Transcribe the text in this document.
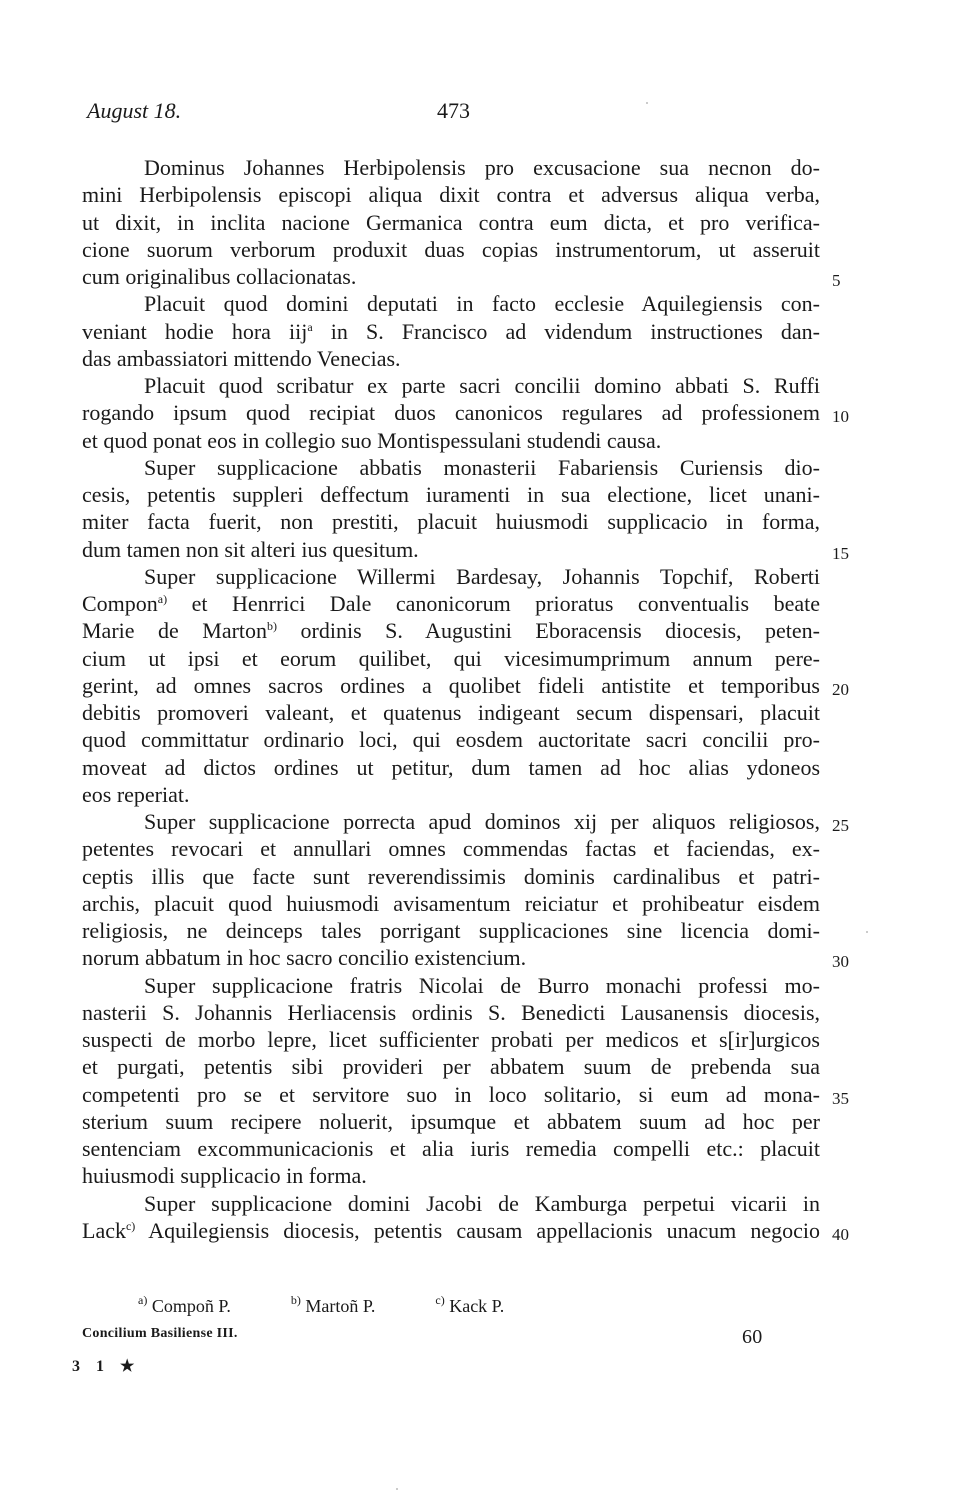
August 18.	473
Dominus Johannes Herbipolensis pro excusacione sua necnon do-
mini Herbipolensis episcopi aliqua dixit contra et adversus aliqua verba,
ut dixit, in inclita nacione Germanica contra eum dicta, et pro verifica-
cione suorum verborum produxit duas copias instrumentorum, ut asseruit
cum originalibus collacionatas.
Placuit quod domini deputati in facto ecclesie Aquilegiensis con-
veniant hodie hora iij$^a$ in S. Francisco ad videndum instructiones dan-
das ambassiatori mittendo Venecias.
Placuit quod scribatur ex parte sacri concilii domino abbati S. Ruffi
rogando ipsum quod recipiat duos canonicos regulares ad professionem
et quod ponat eos in collegio suo Montispessulani studendi causa.
Super supplicacione abbatis monasterii Fabariensis Curiensis dio-
cesis, petentis suppleri deffectum iuramenti in sua electione, licet unani-
miter facta fuerit, non prestiti, placuit huiusmodi supplicacio in forma,
dum tamen non sit alteri ius quesitum.
Super supplicacione Willermi Bardesay, Johannis Topchif, Roberti
Compon$^{a)}$ et Henrrici Dale canonicorum prioratus conventualis beate
Marie de Marton$^{b)}$ ordinis S. Augustini Eboracensis diocesis, peten-
cium ut ipsi et eorum quilibet, qui vicesimumprimum annum pere-
gerint, ad omnes sacros ordines a quolibet fideli antistite et temporibus
debitis promoveri valeant, et quatenus indigeant secum dispensari, placuit
quod committatur ordinario loci, qui eosdem auctoritate sacri concilii pro-
moveat ad dictos ordines ut petitur, dum tamen ad hoc alias ydoneos
eos reperiat.
Super supplicacione porrecta apud dominos xij per aliquos religiosos,
petentes revocari et annullari omnes commendas factas et faciendas, ex-
ceptis illis que facte sunt reverendissimis dominis cardinalibus et patri-
archis, placuit quod huiusmodi avisamentum reiciatur et prohibeatur eisdem
religiosis, ne deinceps tales porrigant supplicaciones sine licencia domi-
norum abbatum in hoc sacro concilio existencium.
Super supplicacione fratris Nicolai de Burro monachi professi mo-
nasterii S. Johannis Herliacensis ordinis S. Benedicti Lausanensis diocesis,
suspecti de morbo lepre, licet sufficienter probati per medicos et s[ir]urgicos
et purgati, petentis sibi provideri per abbatem suum de prebenda sua
competenti pro se et servitore suo in loco solitario, si eum ad mona-
sterium suum recipere noluerit, ipsumque et abbatem suum ad hoc per
sentenciam excommunicacionis et alia iuris remedia compelli etc.: placuit
huiusmodi supplicacio in forma.
Super supplicacione domini Jacobi de Kamburga perpetui vicarii in
Lack$^{c)}$ Aquilegiensis diocesis, petentis causam appellacionis unacum negocio
$^{a)}$ Compoñ P.	$^{b)}$ Martoñ P.	$^{c)}$ Kack P.
Concilium Basiliense III.	60
3 1 ★
5
10
15
20
25
30
35
40
